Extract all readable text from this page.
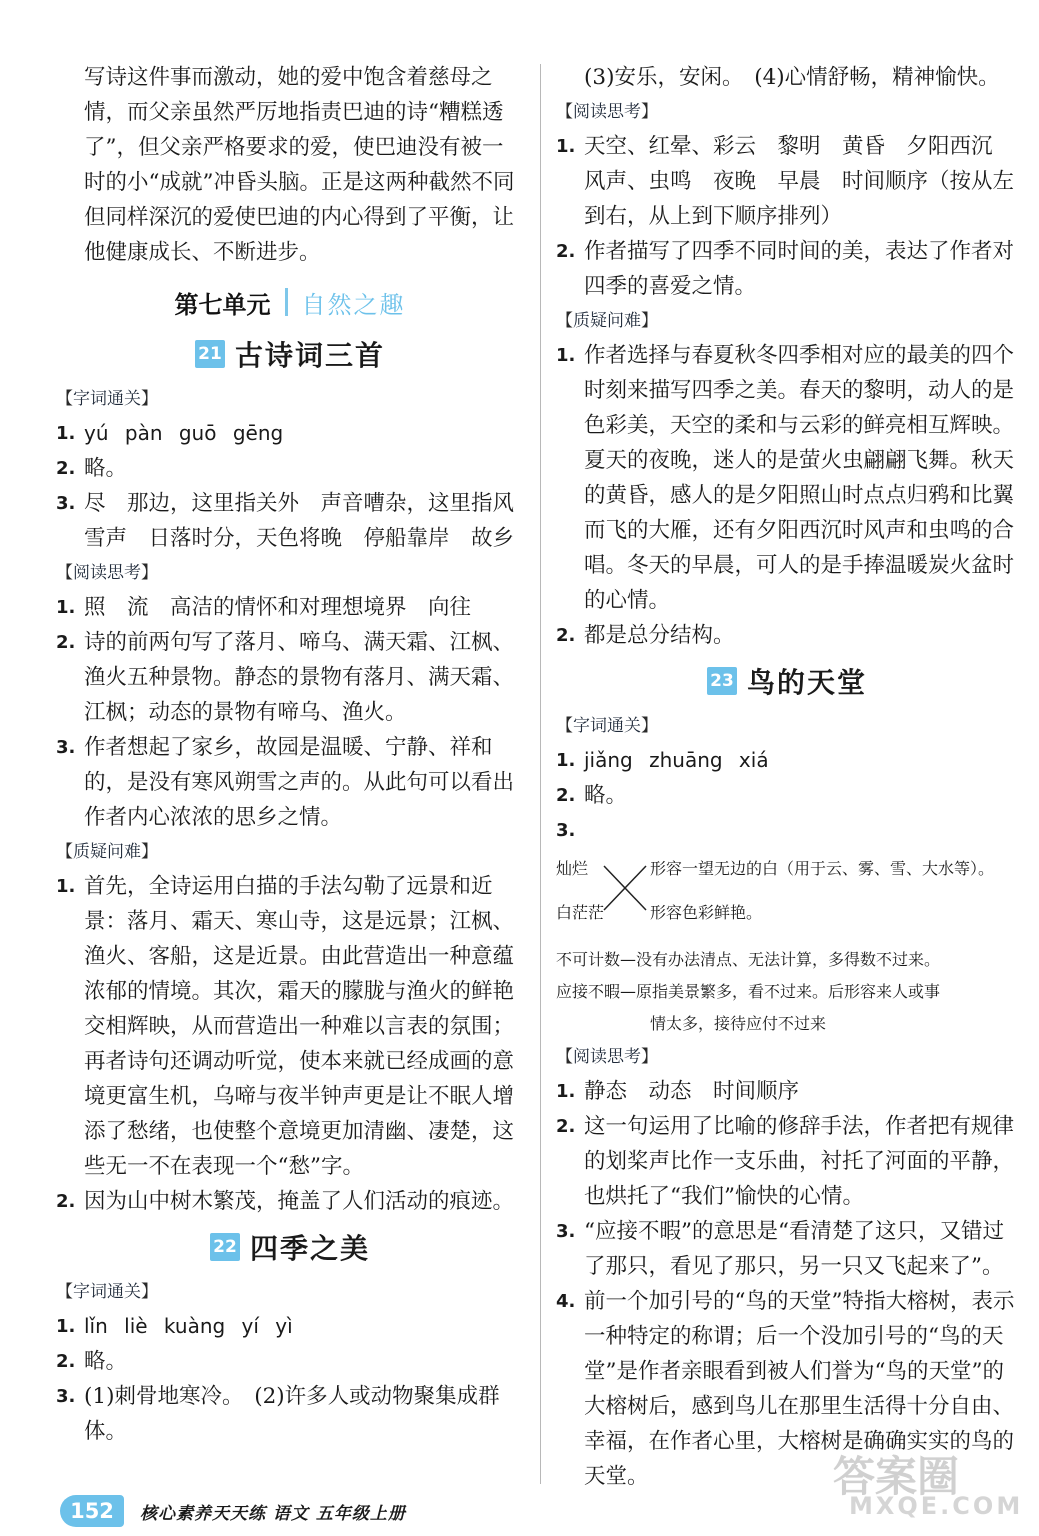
写诗这件事而激动，她的爱中饱含着慈母之情，而父亲虽然严厉地指责巴迪的诗“糟糕透了”，但父亲严格要求的爱，使巴迪没有被一时的小“成就”冲昏头脑。正是这两种截然不同但同样深沉的爱使巴迪的内心得到了平衡，让他健康成长、不断进步。
第七单元 自然之趣
21 古诗词三首
【字词通关】
1. yú pàn guō gēng
2. 略。
3. 尽　那边，这里指关外　声音嘈杂，这里指风雪声　日落时分，天色将晚　停船靠岸　故乡
【阅读思考】
1. 照　流　高洁的情怀和对理想境界　向往
2. 诗的前两句写了落月、啼乌、满天霜、江枫、渔火五种景物。静态的景物有落月、满天霜、江枫；动态的景物有啼乌、渔火。
3. 作者想起了家乡，故园是温暖、宁静、祥和的，是没有寒风朔雪之声的。从此句可以看出作者内心浓浓的思乡之情。
【质疑问难】
1. 首先，全诗运用白描的手法勾勒了远景和近景：落月、霜天、寒山寺，这是远景；江枫、渔火、客船，这是近景。由此营造出一种意蕴浓郁的情境。其次，霜天的朦胧与渔火的鲜艳交相辉映，从而营造出一种难以言表的氛围；再者诗句还调动听觉，使本来就已经成画的意境更富生机，乌啼与夜半钟声更是让不眠人增添了愁绪，也使整个意境更加清幽、凄楚，这些无一不在表现一个“愁”字。
2. 因为山中树木繁茂，掩盖了人们活动的痕迹。
22 四季之美
【字词通关】
1. lǐn liè kuàng yí yì
2. 略。
3. (1)刺骨地寒冷。　(2)许多人或动物聚集成群体。
(3)安乐，安闲。　(4)心情舒畅，精神愉快。
【阅读思考】
1. 天空、红晕、彩云　黎明　黄昏　夕阳西沉　风声、虫鸣　夜晚　早晨　时间顺序（按从左到右，从上到下顺序排列）
2. 作者描写了四季不同时间的美，表达了作者对四季的喜爱之情。
【质疑问难】
1. 作者选择与春夏秋冬四季相对应的最美的四个时刻来描写四季之美。春天的黎明，动人的是色彩美，天空的柔和与云彩的鲜亮相互辉映。夏天的夜晚，迷人的是萤火虫翩翩飞舞。秋天的黄昏，感人的是夕阳照山时点点归鸦和比翼而飞的大雁，还有夕阳西沉时风声和虫鸣的合唱。冬天的早晨，可人的是手捧温暖炭火盆时的心情。
2. 都是总分结构。
23 鸟的天堂
【字词通关】
1. jiǎng zhuāng xiá
2. 略。
3.
灿烂
白茫茫
形容一望无边的白（用于云、雾、雪、大水等）。
形容色彩鲜艳。
不可计数—没有办法清点、无法计算，多得数不过来。
应接不暇—原指美景繁多，看不过来。后形容来人或事
情太多，接待应付不过来
【阅读思考】
1. 静态　动态　时间顺序
2. 这一句运用了比喻的修辞手法，作者把有规律的划桨声比作一支乐曲，衬托了河面的平静，也烘托了“我们”愉快的心情。
3. “应接不暇”的意思是“看清楚了这只，又错过了那只，看见了那只，另一只又飞起来了”。
4. 前一个加引号的“鸟的天堂”特指大榕树，表示一种特定的称谓；后一个没加引号的“鸟的天堂”是作者亲眼看到被人们誉为“鸟的天堂”的大榕树后，感到鸟儿在那里生活得十分自由、幸福，在作者心里，大榕树是确确实实的鸟的天堂。
152	核心素养天天练 语文 五年级上册
答案圈
MXQE.COM
